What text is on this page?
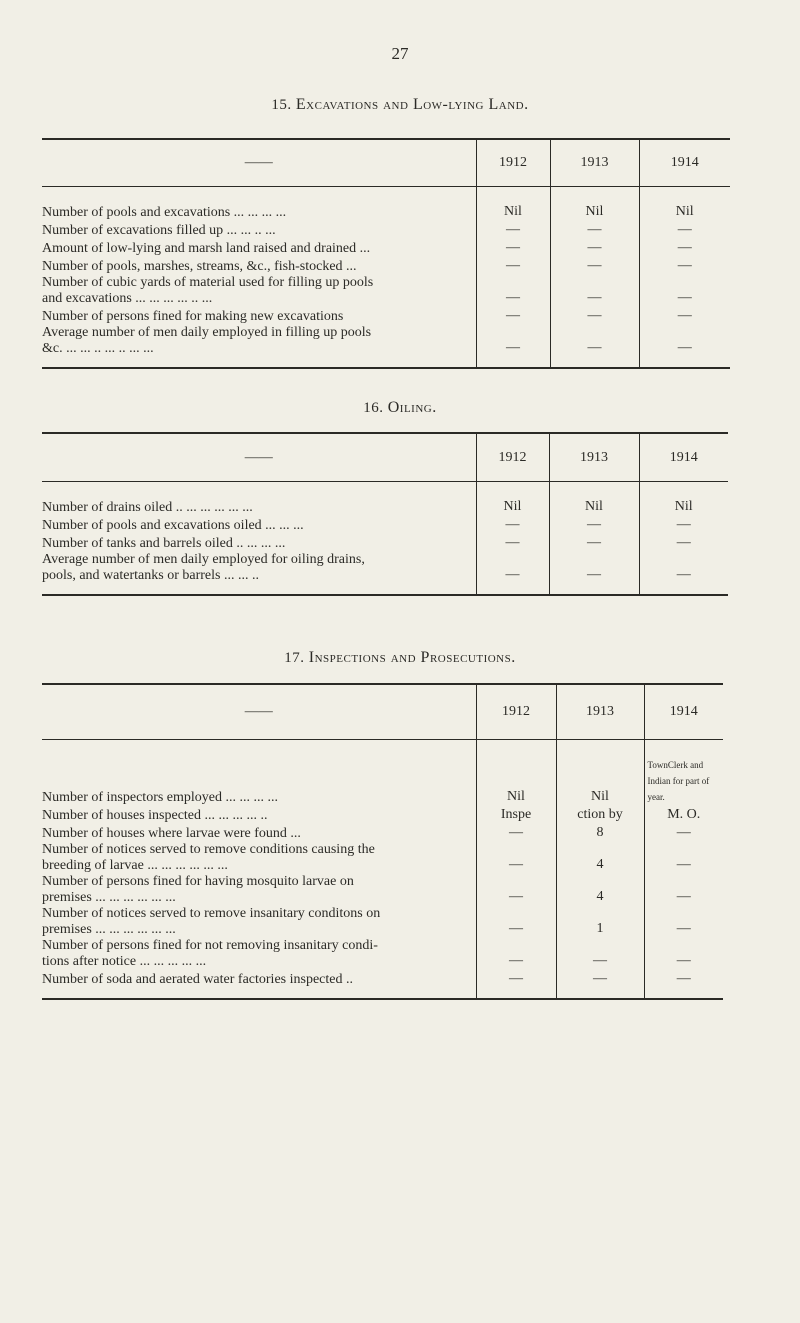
27
15. Excavations and Low-lying Land.

——	1912	1913	1914

Number of pools and excavations ... ... ... ...	Nil	Nil	Nil

Number of excavations filled up ... ... .. ...	—	—	—

Amount of low-lying and marsh land raised and drained ...	—	—	—

Number of pools, marshes, streams, &c., fish-stocked ...	—	—	—

Number of cubic yards of material used for filling up pools
and excavations ... ... ... ... .. ...	—	—	—

Number of persons fined for making new excavations	—	—	—

Average number of men daily employed in filling up pools
&c. ... ... .. ... .. ... ...	—	—	—

16. Oiling.

——	1912	1913	1914

Number of drains oiled .. ... ... ... ... ...	Nil	Nil	Nil

Number of pools and excavations oiled ... ... ...	—	—	—

Number of tanks and barrels oiled .. ... ... ...	—	—	—

Average number of men daily employed for oiling drains,
pools, and watertanks or barrels ... ... ..	—	—	—

17. Inspections and Prosecutions.

——	1912	1913	1914

Number of inspectors employed ... ... ... ...	Nil	Nil	TownClerk and Indian for part of year.

Number of houses inspected ... ... ... ... ..	Inspe	ction by	M. O.

Number of houses where larvae were found ...	—	8	—

Number of notices served to remove conditions causing the
breeding of larvae ... ... ... ... ... ...	—	4	—

Number of persons fined for having mosquito larvae on
premises ... ... ... ... ... ...	—	4	—

Number of notices served to remove insanitary conditons on
premises ... ... ... ... ... ...	—	1	—

Number of persons fined for not removing insanitary condi-
tions after notice ... ... ... ... ...	—	—	—

Number of soda and aerated water factories inspected ..	—	—	—
